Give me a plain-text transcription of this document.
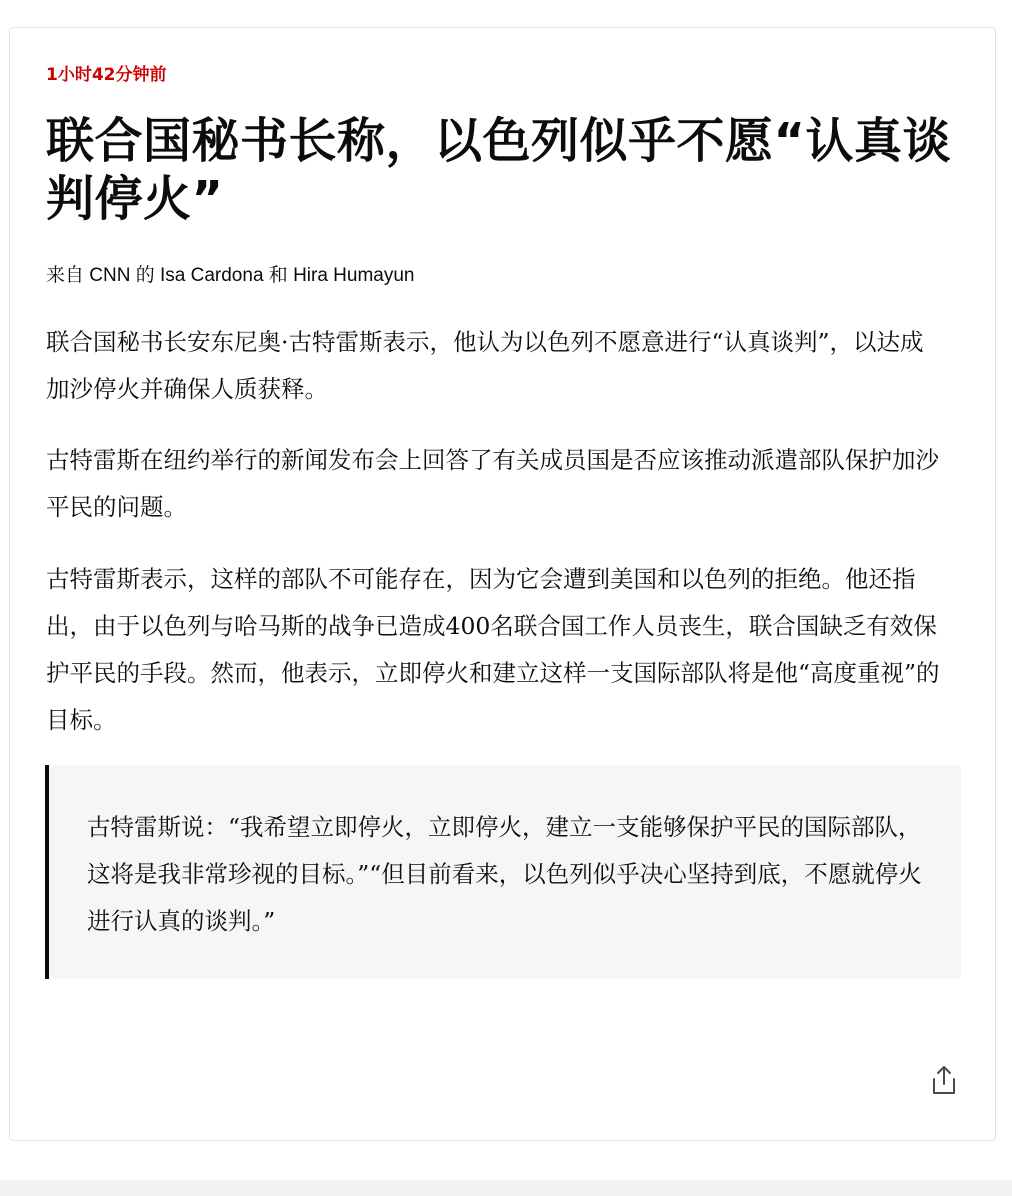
1小时42分钟前
联合国秘书长称，以色列似乎不愿“认真谈判停火”
来自 CNN 的 Isa Cardona 和 Hira Humayun

联合国秘书长安东尼奥·古特雷斯表示，他认为以色列不愿意进行“认真谈判”，以达成加沙停火并确保人质获释。

古特雷斯在纽约举行的新闻发布会上回答了有关成员国是否应该推动派遣部队保护加沙平民的问题。

古特雷斯表示，这样的部队不可能存在，因为它会遭到美国和以色列的拒绝。他还指出，由于以色列与哈马斯的战争已造成400名联合国工作人员丧生，联合国缺乏有效保护平民的手段。然而，他表示，立即停火和建立这样一支国际部队将是他“高度重视”的目标。

古特雷斯说：“我希望立即停火，立即停火，建立一支能够保护平民的国际部队，这将是我非常珍视的目标。”“但目前看来，以色列似乎决心坚持到底，不愿就停火进行认真的谈判。”
